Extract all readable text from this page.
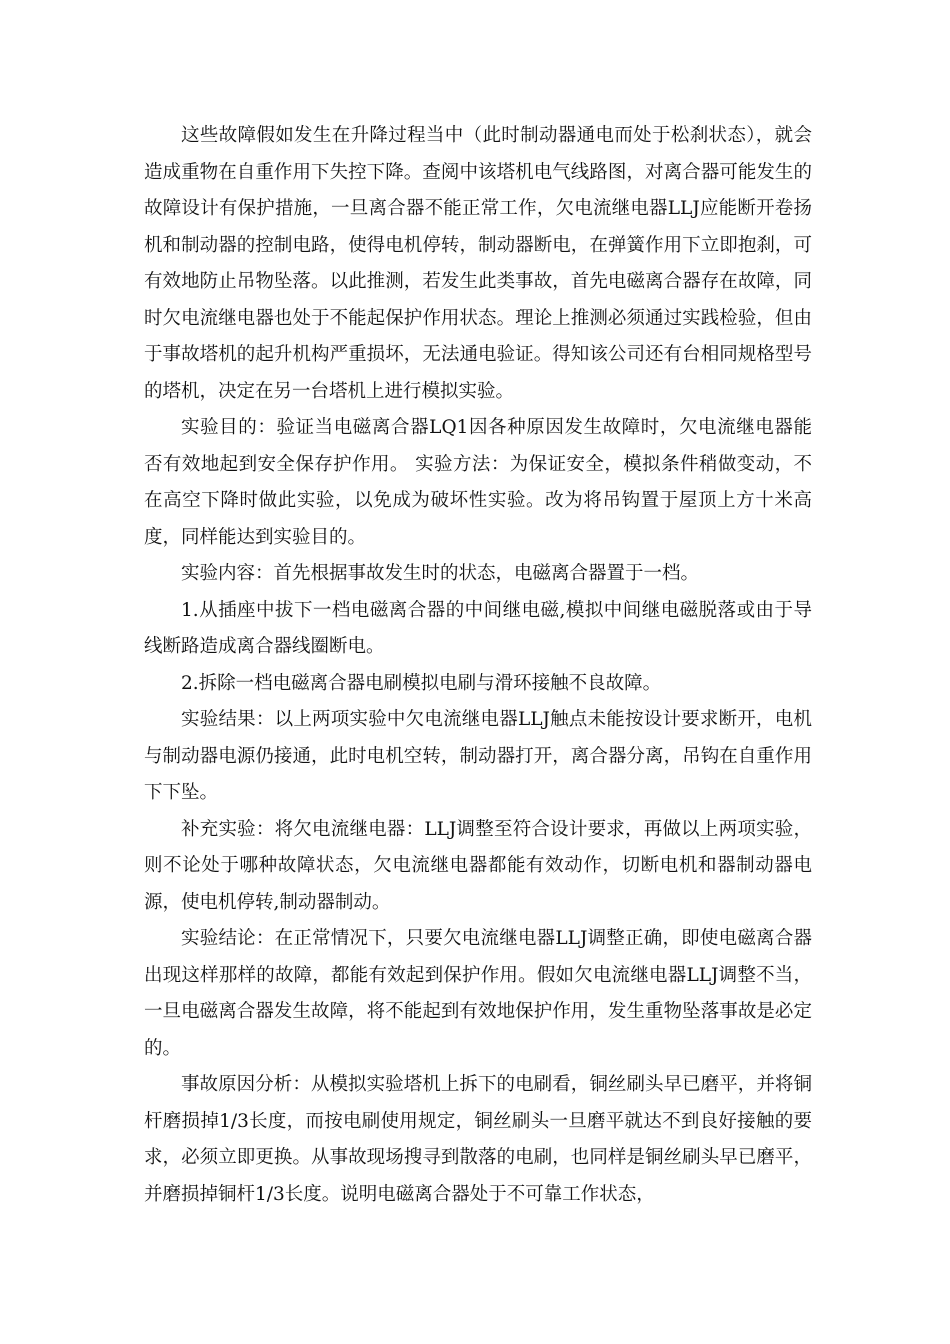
这些故障假如发生在升降过程当中（此时制动器通电而处于松刹状态），就会造成重物在自重作用下失控下降。查阅中该塔机电气线路图，对离合器可能发生的故障设计有保护措施，一旦离合器不能正常工作，欠电流继电器LLJ应能断开卷扬机和制动器的控制电路，使得电机停转，制动器断电，在弹簧作用下立即抱刹，可有效地防止吊物坠落。以此推测，若发生此类事故，首先电磁离合器存在故障，同时欠电流继电器也处于不能起保护作用状态。理论上推测必须通过实践检验，但由于事故塔机的起升机构严重损坏，无法通电验证。得知该公司还有台相同规格型号的塔机，决定在另一台塔机上进行模拟实验。

实验目的：验证当电磁离合器LQ1因各种原因发生故障时，欠电流继电器能否有效地起到安全保存护作用。 实验方法：为保证安全，模拟条件稍做变动，不在高空下降时做此实验，以免成为破坏性实验。改为将吊钩置于屋顶上方十米高度，同样能达到实验目的。

实验内容：首先根据事故发生时的状态，电磁离合器置于一档。

1.从插座中拔下一档电磁离合器的中间继电磁,模拟中间继电磁脱落或由于导线断路造成离合器线圈断电。

2.拆除一档电磁离合器电刷模拟电刷与滑环接触不良故障。

实验结果：以上两项实验中欠电流继电器LLJ触点未能按设计要求断开，电机与制动器电源仍接通，此时电机空转，制动器打开，离合器分离，吊钩在自重作用下下坠。

补充实验：将欠电流继电器：LLJ调整至符合设计要求，再做以上两项实验，则不论处于哪种故障状态，欠电流继电器都能有效动作，切断电机和器制动器电源，使电机停转,制动器制动。

实验结论：在正常情况下，只要欠电流继电器LLJ调整正确，即使电磁离合器出现这样那样的故障，都能有效起到保护作用。假如欠电流继电器LLJ调整不当，一旦电磁离合器发生故障，将不能起到有效地保护作用，发生重物坠落事故是必定的。

事故原因分析：从模拟实验塔机上拆下的电刷看，铜丝刷头早已磨平，并将铜杆磨损掉1/3长度，而按电刷使用规定，铜丝刷头一旦磨平就达不到良好接触的要求，必须立即更换。从事故现场搜寻到散落的电刷，也同样是铜丝刷头早已磨平，并磨损掉铜杆1/3长度。说明电磁离合器处于不可靠工作状态，
